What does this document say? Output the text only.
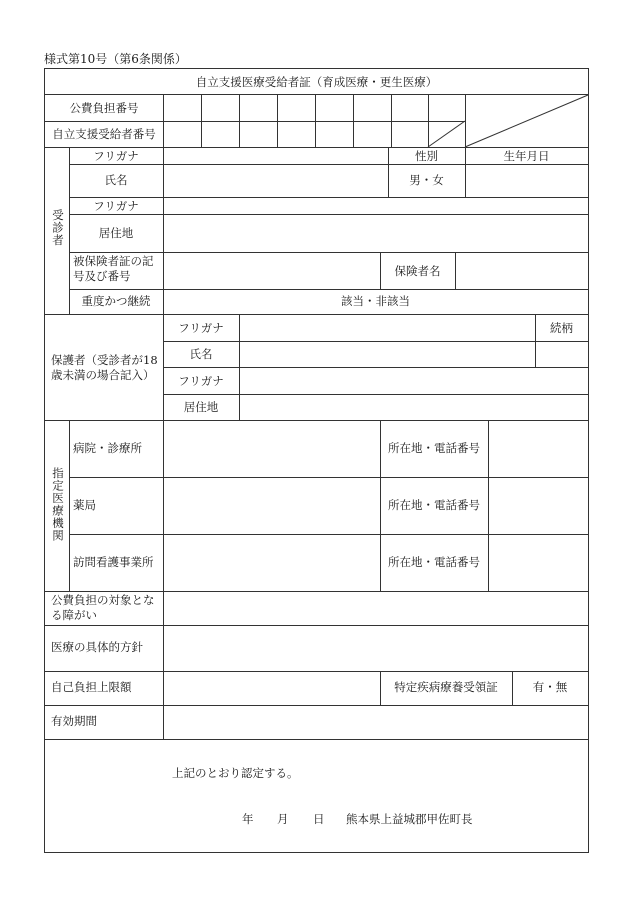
様式第10号（第6条関係）
自立支援医療受給者証（育成医療・更生医療）
公費負担番号
自立支援受給者番号
受診者
フリガナ	性別	生年月日
氏名	男・女
フリガナ
居住地
被保険者証の記号及び番号	保険者名
重度かつ継続	該当・非該当
保護者（受診者が18歳未満の場合記入）
フリガナ	続柄
氏名
フリガナ
居住地
指定医療機関
病院・診療所	所在地・電話番号
薬局	所在地・電話番号
訪問看護事業所	所在地・電話番号
公費負担の対象となる障がい
医療の具体的方針
自己負担上限額	特定疾病療養受領証	有・無
有効期間
上記のとおり認定する。
年 月 日 熊本県上益城郡甲佐町長
